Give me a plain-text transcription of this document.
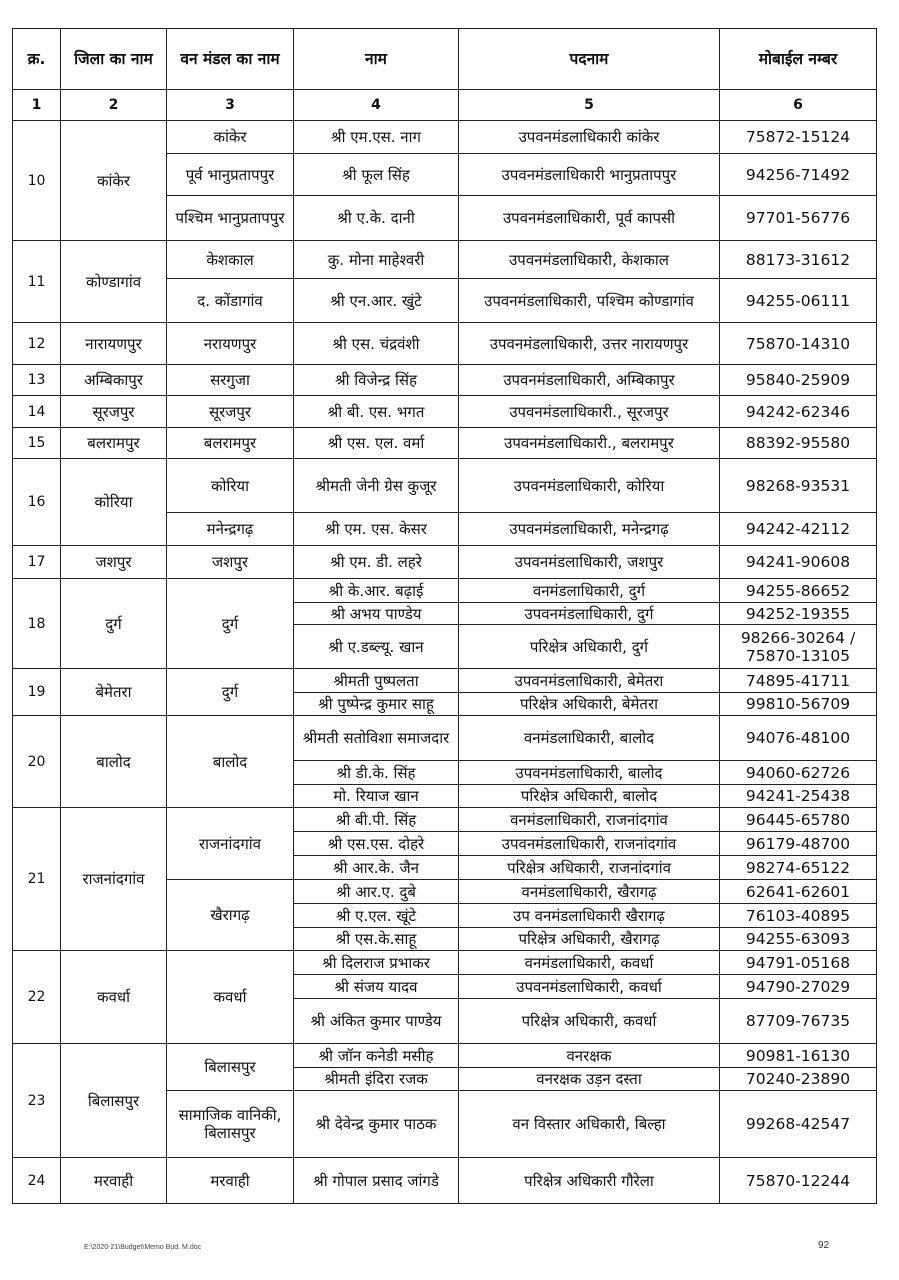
क्र.	जिला का नाम	वन मंडल का नाम	नाम	पदनाम	मोबाईल नम्बर
1	2	3	4	5	6
10	कांकेर	कांकेर	श्री एम.एस. नाग	उपवनमंडलाधिकारी कांकेर	75872-15124
		पूर्व भानुप्रतापपुर	श्री फूल सिंह	उपवनमंडलाधिकारी भानुप्रतापपुर	94256-71492
		पश्चिम भानुप्रतापपुर	श्री ए.के. दानी	उपवनमंडलाधिकारी, पूर्व कापसी	97701-56776
11	कोण्डागांव	केशकाल	कु. मोना माहेश्वरी	उपवनमंडलाधिकारी, केशकाल	88173-31612
		द. कोंडागांव	श्री एन.आर. खुंटे	उपवनमंडलाधिकारी, पश्चिम कोण्डागांव	94255-06111
12	नारायणपुर	नरायणपुर	श्री एस. चंद्रवंशी	उपवनमंडलाधिकारी, उत्तर नारायणपुर	75870-14310
13	अम्बिकापुर	सरगुजा	श्री विजेन्द्र सिंह	उपवनमंडलाधिकारी, अम्बिकापुर	95840-25909
14	सूरजपुर	सूरजपुर	श्री बी. एस. भगत	उपवनमंडलाधिकारी., सूरजपुर	94242-62346
15	बलरामपुर	बलरामपुर	श्री एस. एल. वर्मा	उपवनमंडलाधिकारी., बलरामपुर	88392-95580
16	कोरिया	कोरिया	श्रीमती जेनी ग्रेस कुजूर	उपवनमंडलाधिकारी, कोरिया	98268-93531
		मनेन्द्रगढ़	श्री एम. एस. केसर	उपवनमंडलाधिकारी, मनेन्द्रगढ़	94242-42112
17	जशपुर	जशपुर	श्री एम. डी. लहरे	उपवनमंडलाधिकारी, जशपुर	94241-90608
18	दुर्ग	दुर्ग	श्री के.आर. बढ़ाई	वनमंडलाधिकारी, दुर्ग	94255-86652
			श्री अभय पाण्डेय	उपवनमंडलाधिकारी, दुर्ग	94252-19355
			श्री ए.डब्ल्यू. खान	परिक्षेत्र अधिकारी, दुर्ग	98266-30264 / 75870-13105
19	बेमेतरा	दुर्ग	श्रीमती पुष्पलता	उपवनमंडलाधिकारी, बेमेतरा	74895-41711
			श्री पुष्पेन्द्र कुमार साहू	परिक्षेत्र अधिकारी, बेमेतरा	99810-56709
20	बालोद	बालोद	श्रीमती सतोविशा समाजदार	वनमंडलाधिकारी, बालोद	94076-48100
			श्री डी.के. सिंह	उपवनमंडलाधिकारी, बालोद	94060-62726
			मो. रियाज खान	परिक्षेत्र अधिकारी, बालोद	94241-25438
21	राजनांदगांव	राजनांदगांव	श्री बी.पी. सिंह	वनमंडलाधिकारी, राजनांदगांव	96445-65780
			श्री एस.एस. दोहरे	उपवनमंडलाधिकारी, राजनांदगांव	96179-48700
			श्री आर.के. जैन	परिक्षेत्र अधिकारी, राजनांदगांव	98274-65122
		खैरागढ़	श्री आर.ए. दुबे	वनमंडलाधिकारी, खैरागढ़	62641-62601
			श्री ए.एल. खूंटे	उप वनमंडलाधिकारी खैरागढ़	76103-40895
			श्री एस.के.साहू	परिक्षेत्र अधिकारी, खैरागढ़	94255-63093
22	कवर्धा	कवर्धा	श्री दिलराज प्रभाकर	वनमंडलाधिकारी, कवर्धा	94791-05168
			श्री संजय यादव	उपवनमंडलाधिकारी, कवर्धा	94790-27029
			श्री अंकित कुमार पाण्डेय	परिक्षेत्र अधिकारी, कवर्धा	87709-76735
23	बिलासपुर	बिलासपुर	श्री जॉन कनेडी मसीह	वनरक्षक	90981-16130
			श्रीमती इंदिरा रजक	वनरक्षक उड़न दस्ता	70240-23890
		सामाजिक वानिकी, बिलासपुर	श्री देवेन्द्र कुमार पाठक	वन विस्तार अधिकारी, बिल्हा	99268-42547
24	मरवाही	मरवाही	श्री गोपाल प्रसाद जांगडे	परिक्षेत्र अधिकारी गौरेला	75870-12244
E:\2020-21\Budget\Memo Bud. M.doc	92
